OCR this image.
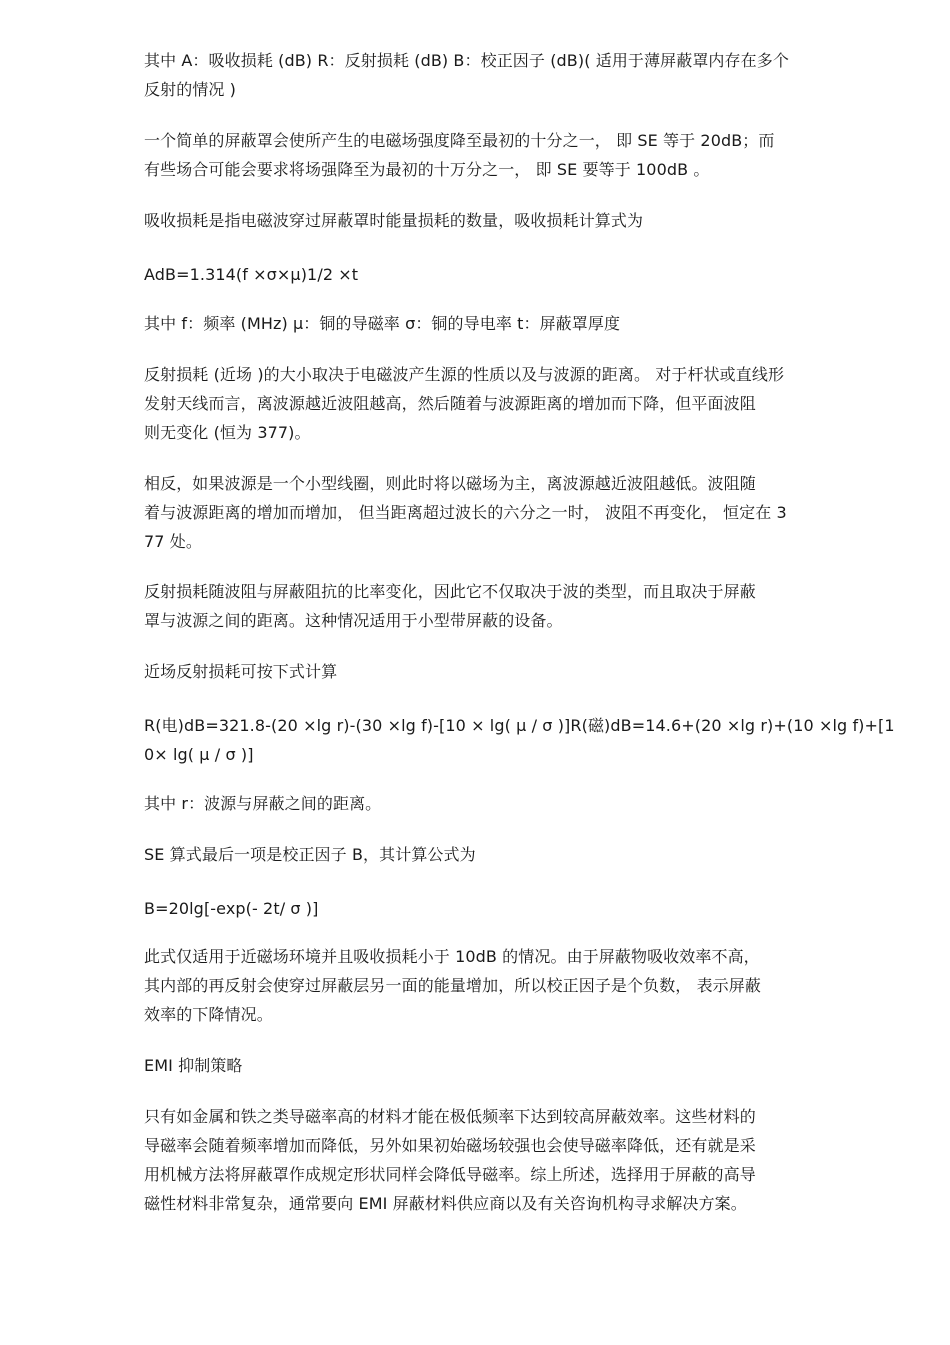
其中 A：吸收损耗 (dB) R：反射损耗 (dB) B：校正因子 (dB)( 适用于薄屏蔽罩内存在多个
反射的情况 )
一个简单的屏蔽罩会使所产生的电磁场强度降至最初的十分之一， 即 SE 等于 20dB；而
有些场合可能会要求将场强降至为最初的十万分之一， 即 SE 要等于 100dB 。
吸收损耗是指电磁波穿过屏蔽罩时能量损耗的数量，吸收损耗计算式为
AdB=1.314(f ×σ×μ)1/2 ×t
其中 f：频率 (MHz) μ：铜的导磁率 σ：铜的导电率 t：屏蔽罩厚度
反射损耗 (近场 )的大小取决于电磁波产生源的性质以及与波源的距离。 对于杆状或直线形
发射天线而言，离波源越近波阻越高，然后随着与波源距离的增加而下降，但平面波阻
则无变化 (恒为 377)。
相反，如果波源是一个小型线圈，则此时将以磁场为主，离波源越近波阻越低。波阻随
着与波源距离的增加而增加， 但当距离超过波长的六分之一时， 波阻不再变化， 恒定在 3
77 处。
反射损耗随波阻与屏蔽阻抗的比率变化，因此它不仅取决于波的类型，而且取决于屏蔽
罩与波源之间的距离。这种情况适用于小型带屏蔽的设备。
近场反射损耗可按下式计算
R(电)dB=321.8-(20 ×lg r)-(30 ×lg f)-[10 × lg( μ / σ )]R(磁)dB=14.6+(20 ×lg r)+(10 ×lg f)+[1
0× lg( μ / σ )]
其中 r：波源与屏蔽之间的距离。
SE 算式最后一项是校正因子 B，其计算公式为
B=20lg[-exp(- 2t/ σ )]
此式仅适用于近磁场环境并且吸收损耗小于 10dB 的情况。由于屏蔽物吸收效率不高，
其内部的再反射会使穿过屏蔽层另一面的能量增加，所以校正因子是个负数， 表示屏蔽
效率的下降情况。
EMI 抑制策略
只有如金属和铁之类导磁率高的材料才能在极低频率下达到较高屏蔽效率。这些材料的
导磁率会随着频率增加而降低，另外如果初始磁场较强也会使导磁率降低，还有就是采
用机械方法将屏蔽罩作成规定形状同样会降低导磁率。综上所述，选择用于屏蔽的高导
磁性材料非常复杂，通常要向 EMI 屏蔽材料供应商以及有关咨询机构寻求解决方案。
